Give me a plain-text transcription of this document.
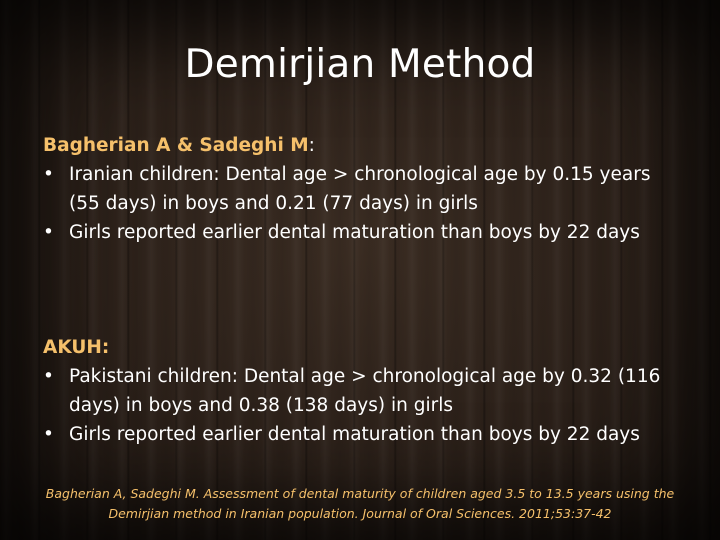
Demirjian Method
Bagherian A & Sadeghi M:
• Iranian children: Dental age > chronological age by 0.15 years (55 days) in boys and 0.21 (77 days) in girls
• Girls reported earlier dental maturation than boys by 22 days
AKUH:
• Pakistani children: Dental age > chronological age by 0.32 (116 days) in boys and 0.38 (138 days) in girls
• Girls reported earlier dental maturation than boys by 22 days
Bagherian A, Sadeghi M. Assessment of dental maturity of children aged 3.5 to 13.5 years using the Demirjian method in Iranian population. Journal of Oral Sciences. 2011;53:37-42
